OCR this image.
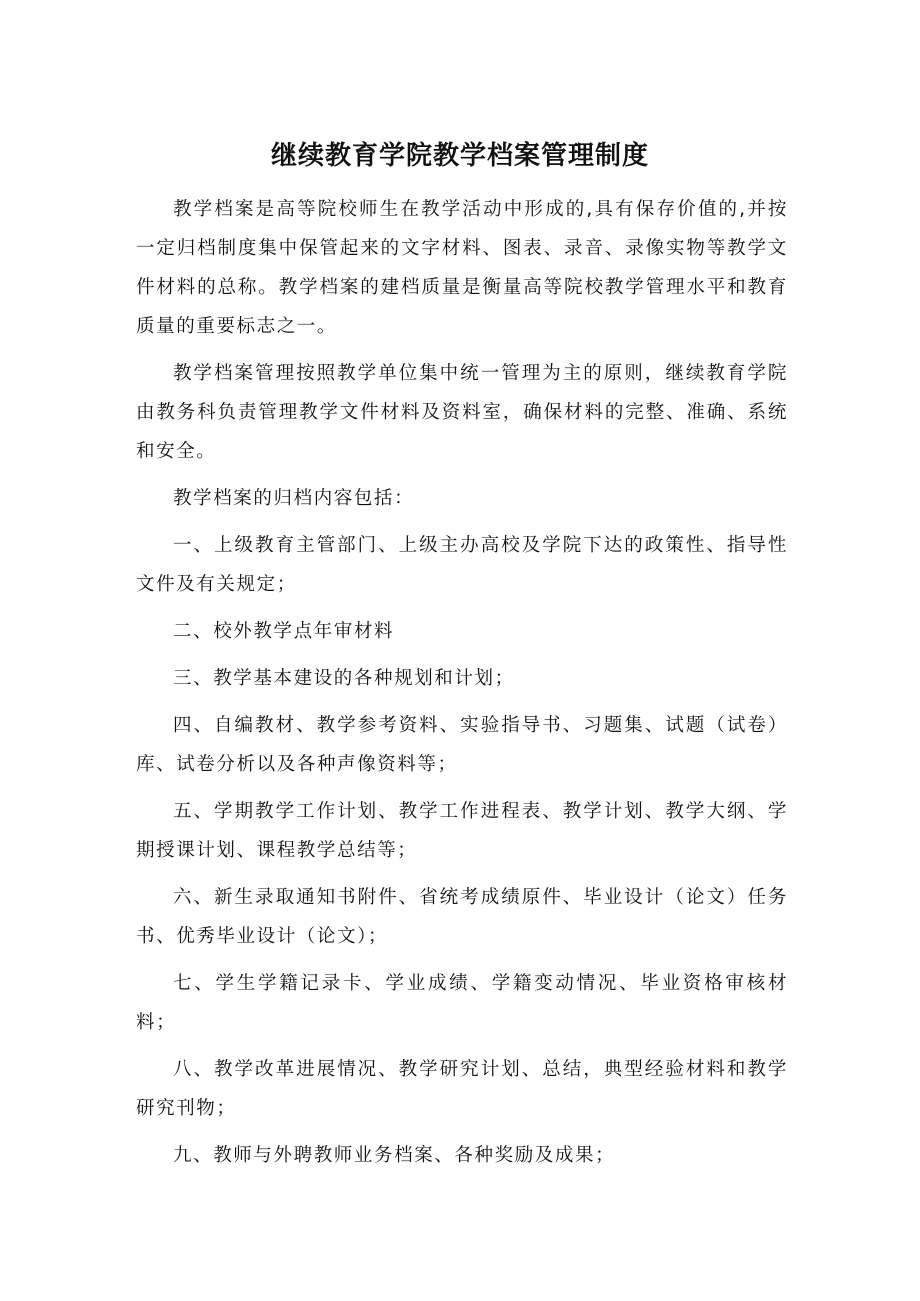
继续教育学院教学档案管理制度

教学档案是高等院校师生在教学活动中形成的,具有保存价值的,并按一定归档制度集中保管起来的文字材料、图表、录音、录像实物等教学文件材料的总称。教学档案的建档质量是衡量高等院校教学管理水平和教育质量的重要标志之一。

教学档案管理按照教学单位集中统一管理为主的原则，继续教育学院由教务科负责管理教学文件材料及资料室，确保材料的完整、准确、系统和安全。

教学档案的归档内容包括：

一、上级教育主管部门、上级主办高校及学院下达的政策性、指导性文件及有关规定；

二、校外教学点年审材料

三、教学基本建设的各种规划和计划；

四、自编教材、教学参考资料、实验指导书、习题集、试题（试卷）库、试卷分析以及各种声像资料等；

五、学期教学工作计划、教学工作进程表、教学计划、教学大纲、学期授课计划、课程教学总结等；

六、新生录取通知书附件、省统考成绩原件、毕业设计（论文）任务书、优秀毕业设计（论文）；

七、学生学籍记录卡、学业成绩、学籍变动情况、毕业资格审核材料；

八、教学改革进展情况、教学研究计划、总结，典型经验材料和教学研究刊物；

九、教师与外聘教师业务档案、各种奖励及成果；
